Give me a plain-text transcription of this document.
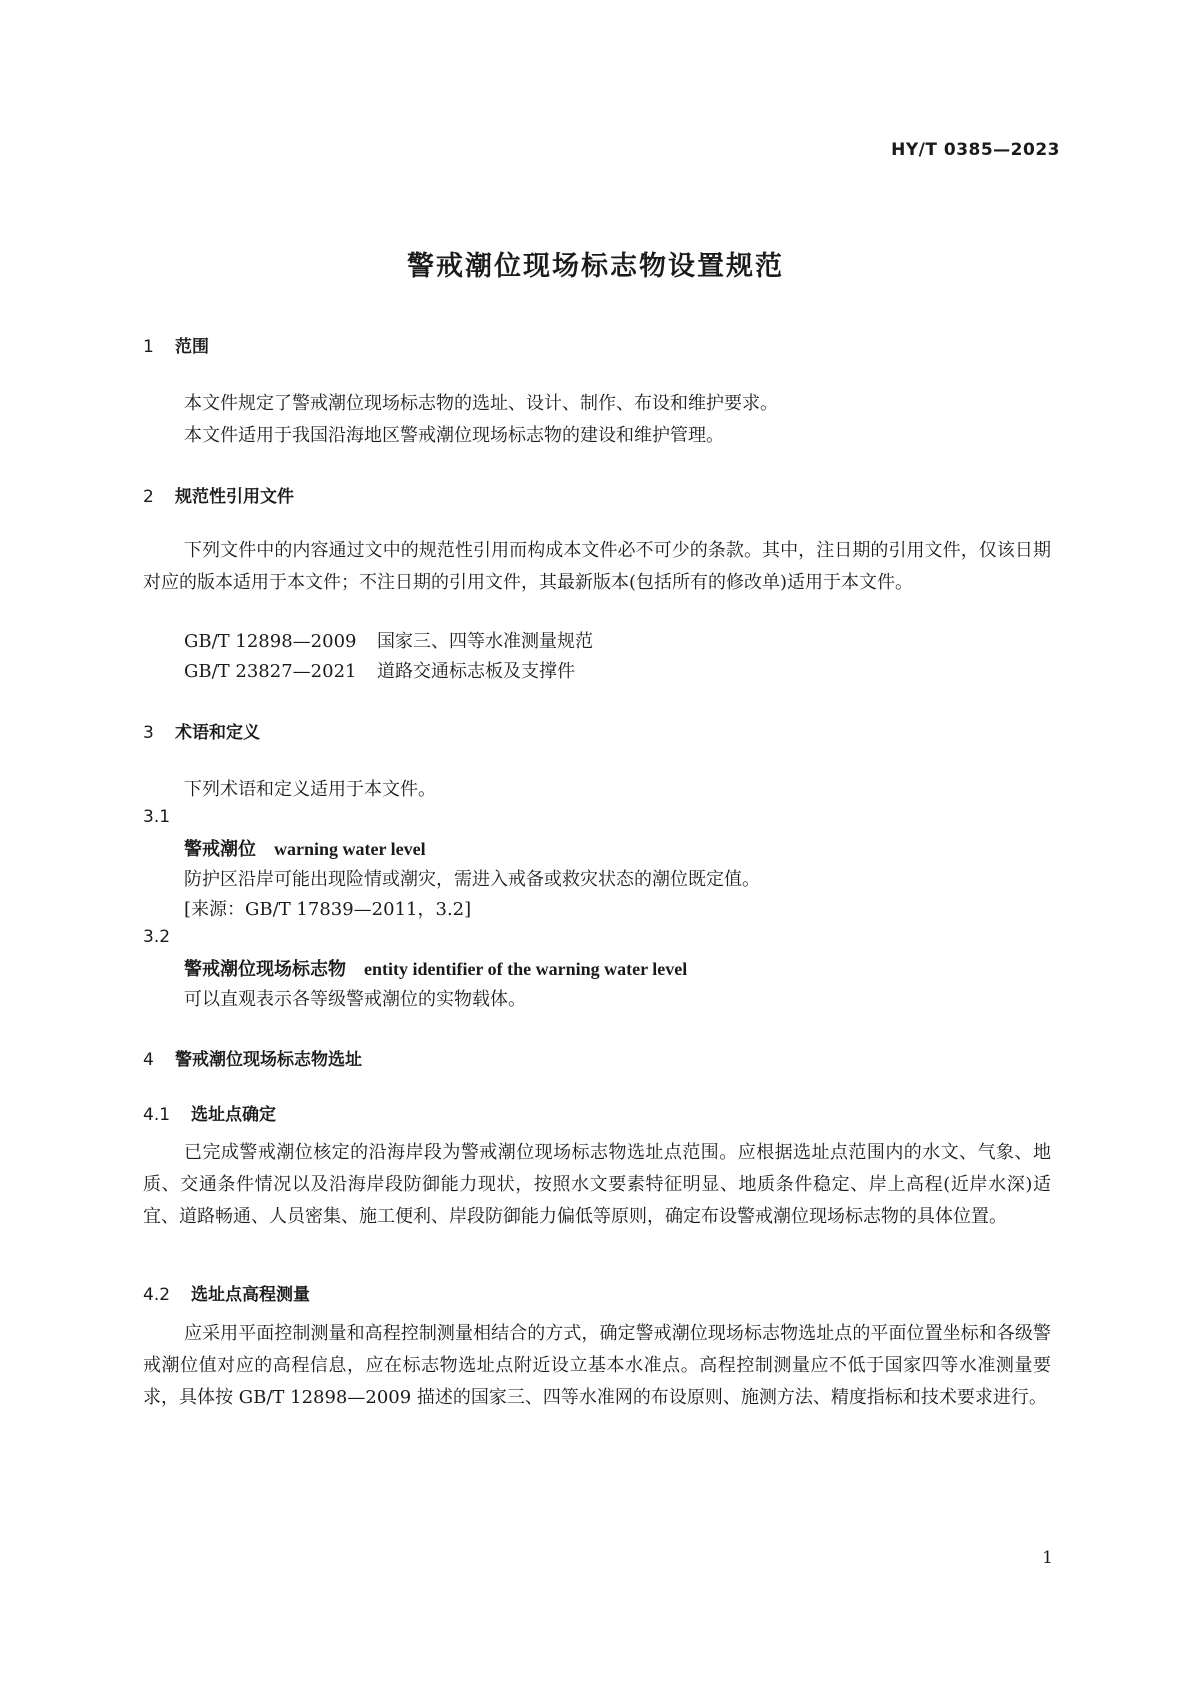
HY/T 0385—2023
警戒潮位现场标志物设置规范
1 范围
本文件规定了警戒潮位现场标志物的选址、设计、制作、布设和维护要求。
本文件适用于我国沿海地区警戒潮位现场标志物的建设和维护管理。
2 规范性引用文件
下列文件中的内容通过文中的规范性引用而构成本文件必不可少的条款。其中，注日期的引用文件，仅该日期对应的版本适用于本文件；不注日期的引用文件，其最新版本(包括所有的修改单)适用于本文件。
GB/T 12898—2009 国家三、四等水准测量规范
GB/T 23827—2021 道路交通标志板及支撑件
3 术语和定义
下列术语和定义适用于本文件。
3.1
警戒潮位 warning water level
防护区沿岸可能出现险情或潮灾，需进入戒备或救灾状态的潮位既定值。
[来源：GB/T 17839—2011，3.2]
3.2
警戒潮位现场标志物 entity identifier of the warning water level
可以直观表示各等级警戒潮位的实物载体。
4 警戒潮位现场标志物选址
4.1 选址点确定
已完成警戒潮位核定的沿海岸段为警戒潮位现场标志物选址点范围。应根据选址点范围内的水文、气象、地质、交通条件情况以及沿海岸段防御能力现状，按照水文要素特征明显、地质条件稳定、岸上高程(近岸水深)适宜、道路畅通、人员密集、施工便利、岸段防御能力偏低等原则，确定布设警戒潮位现场标志物的具体位置。
4.2 选址点高程测量
应采用平面控制测量和高程控制测量相结合的方式，确定警戒潮位现场标志物选址点的平面位置坐标和各级警戒潮位值对应的高程信息，应在标志物选址点附近设立基本水准点。高程控制测量应不低于国家四等水准测量要求，具体按 GB/T 12898—2009 描述的国家三、四等水准网的布设原则、施测方法、精度指标和技术要求进行。
1
